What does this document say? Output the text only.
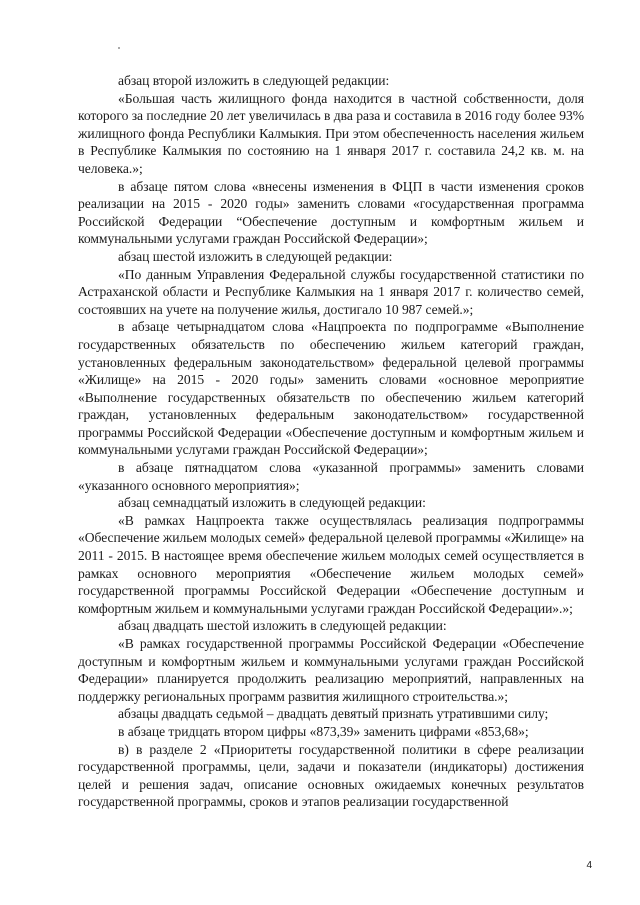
абзац второй изложить в следующей редакции:

«Большая часть жилищного фонда находится в частной собственности, доля которого за последние 20 лет увеличилась в два раза и составила в 2016 году более 93% жилищного фонда Республики Калмыкия. При этом обеспеченность населения жильем в Республике Калмыкия по состоянию на 1 января 2017 г. составила 24,2 кв. м. на человека.»;

в абзаце пятом слова «внесены изменения в ФЦП в части изменения сроков реализации на 2015 - 2020 годы» заменить словами «государственная программа Российской Федерации “Обеспечение доступным и комфортным жильем и коммунальными услугами граждан Российской Федерации»;

абзац шестой изложить в следующей редакции:

«По данным Управления Федеральной службы государственной статистики по Астраханской области и Республике Калмыкия на 1 января 2017 г. количество семей, состоявших на учете на получение жилья, достигало 10 987 семей.»;

в абзаце четырнадцатом слова «Нацпроекта по подпрограмме «Выполнение государственных обязательств по обеспечению жильем категорий граждан, установленных федеральным законодательством» федеральной целевой программы «Жилище» на 2015 - 2020 годы» заменить словами «основное мероприятие «Выполнение государственных обязательств по обеспечению жильем категорий граждан, установленных федеральным законодательством» государственной программы Российской Федерации «Обеспечение доступным и комфортным жильем и коммунальными услугами граждан Российской Федерации»;

в абзаце пятнадцатом слова «указанной программы» заменить словами «указанного основного мероприятия»;

абзац семнадцатый изложить в следующей редакции:

«В рамках Нацпроекта также осуществлялась реализация подпрограммы «Обеспечение жильем молодых семей» федеральной целевой программы «Жилище» на 2011 - 2015. В настоящее время обеспечение жильем молодых семей осуществляется в рамках основного мероприятия «Обеспечение жильем молодых семей» государственной программы Российской Федерации «Обеспечение доступным и комфортным жильем и коммунальными услугами граждан Российской Федерации».»;

абзац двадцать шестой изложить в следующей редакции:

«В рамках государственной программы Российской Федерации «Обеспечение доступным и комфортным жильем и коммунальными услугами граждан Российской Федерации» планируется продолжить реализацию мероприятий, направленных на поддержку региональных программ развития жилищного строительства.»;

абзацы двадцать седьмой – двадцать девятый признать утратившими силу;

в абзаце тридцать втором цифры «873,39» заменить цифрами «853,68»;

в) в разделе 2 «Приоритеты государственной политики в сфере реализации государственной программы, цели, задачи и показатели (индикаторы) достижения целей и решения задач, описание основных ожидаемых конечных результатов государственной программы, сроков и этапов реализации государственной

4
